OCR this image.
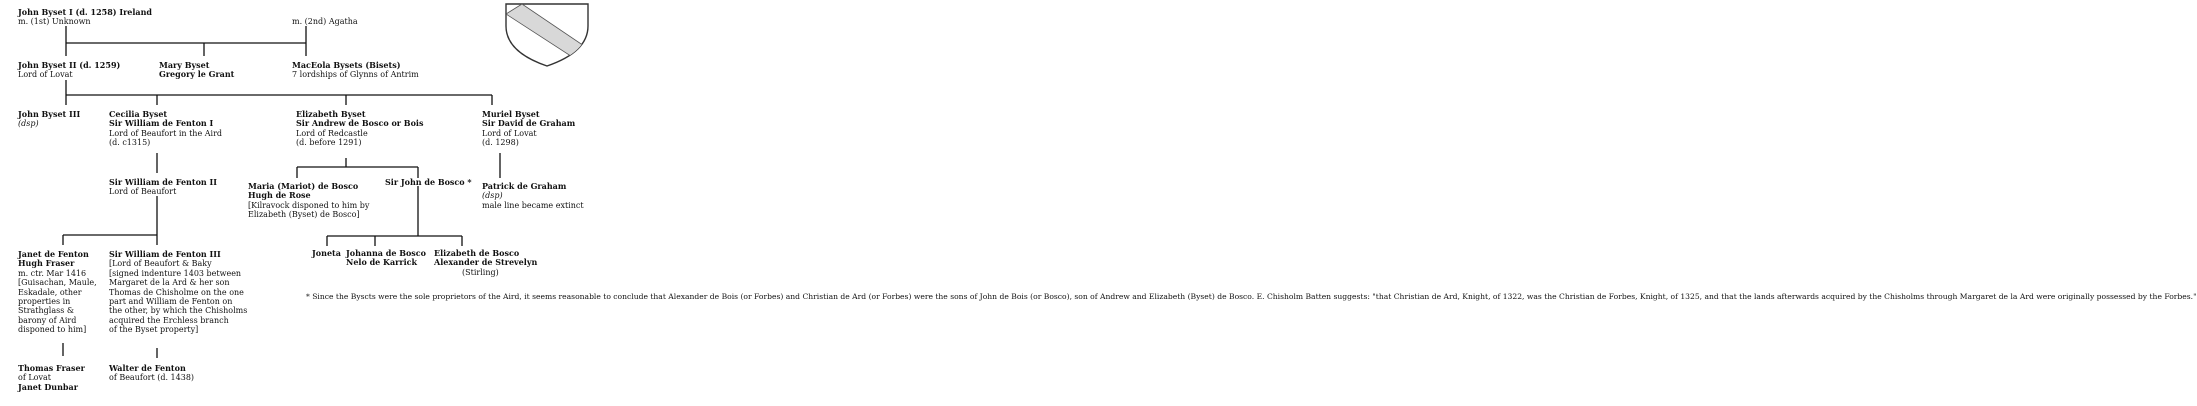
John Byset I (d. 1258) Ireland
m. (1st) Unknown	m. (2nd) Agatha
John Byset II (d. 1259)
Lord of Lovat
Mary Byset
Gregory le Grant
MacEola Bysets (Bisets)
7 lordships of Glynns of Antrim
John Byset III
(dsp)
Cecilia Byset
Sir William de Fenton I
Lord of Beaufort in the Aird
(d. c1315)
Elizabeth Byset
Sir Andrew de Bosco or Bois
Lord of Redcastle
(d. before 1291)
Muriel Byset
Sir David de Graham
Lord of Lovat
(d. 1298)
Sir William de Fenton II
Lord of Beaufort
Maria (Mariot) de Bosco
Hugh de Rose
[Kilravock disponed to him by
Elizabeth (Byset) de Bosco]
Sir John de Bosco * Patrick de Graham
(dsp)
male line became extinct
Janet de Fenton
Hugh Fraser
m. ctr. Mar 1416
[Guisachan, Maule,
Eskadale, other
properties in
Strathglass &
barony of Aird
disponed to him]
Sir William de Fenton III
[Lord of Beaufort & Baky
[signed indenture 1403 between
Margaret de la Ard & her son
Thomas de Chisholme on the one
part and William de Fenton on
the other, by which the Chisholms
acquired the Erchless branch
of the Byset property]
Joneta Johanna de Bosco
Nelo de Karrick
Elizabeth de Bosco
Alexander de Strevelyn
(Stirling)
Thomas Fraser
of Lovat
Janet Dunbar
Walter de Fenton
of Beaufort (d. 1438)
* Since the Byscts were the sole proprietors of the Aird, it seems reasonable to conclude that Alexander de Bois (or Forbes) and Christian de Ard (or Forbes) were the sons of John de Bois (or Bosco), son of Andrew and Elizabeth (Byset) de Bosco. E. Chisholm Batten suggests: "that Christian de Ard, Knight, of 1322, was the Christian de Forbes, Knight, of 1325, and that the lands afterwards acquired by the Chisholms through Margaret de la Ard were originally possessed by the Forbes."
